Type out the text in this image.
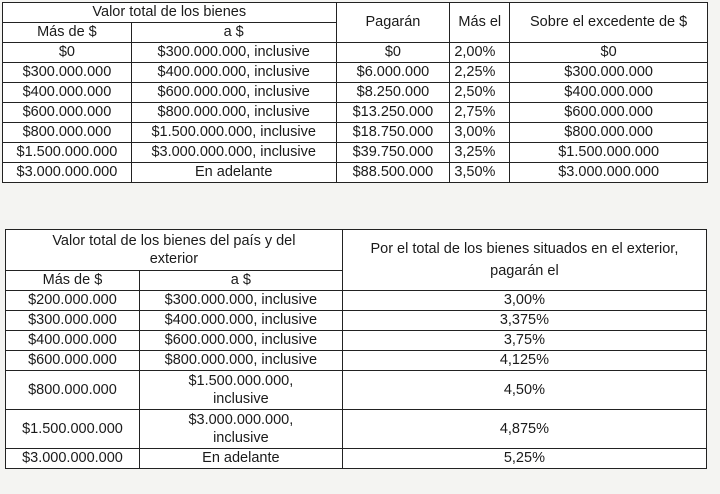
Valor total de los bienes		Pagarán	Más el	Sobre el excedente de $
Más de $	a $			
$0	$300.000.000, inclusive	$0	2,00%	$0
$300.000.000	$400.000.000, inclusive	$6.000.000	2,25%	$300.000.000
$400.000.000	$600.000.000, inclusive	$8.250.000	2,50%	$400.000.000
$600.000.000	$800.000.000, inclusive	$13.250.000	2,75%	$600.000.000
$800.000.000	$1.500.000.000, inclusive	$18.750.000	3,00%	$800.000.000
$1.500.000.000	$3.000.000.000, inclusive	$39.750.000	3,25%	$1.500.000.000
$3.000.000.000	En adelante	$88.500.000	3,50%	$3.000.000.000
Valor total de los bienes del país y del exterior		Por el total de los bienes situados en el exterior, pagarán el
Más de $	a $	
$200.000.000	$300.000.000, inclusive	3,00%
$300.000.000	$400.000.000, inclusive	3,375%
$400.000.000	$600.000.000, inclusive	3,75%
$600.000.000	$800.000.000, inclusive	4,125%
$800.000.000	$1.500.000.000, inclusive	4,50%
$1.500.000.000	$3.000.000.000, inclusive	4,875%
$3.000.000.000	En adelante	5,25%
